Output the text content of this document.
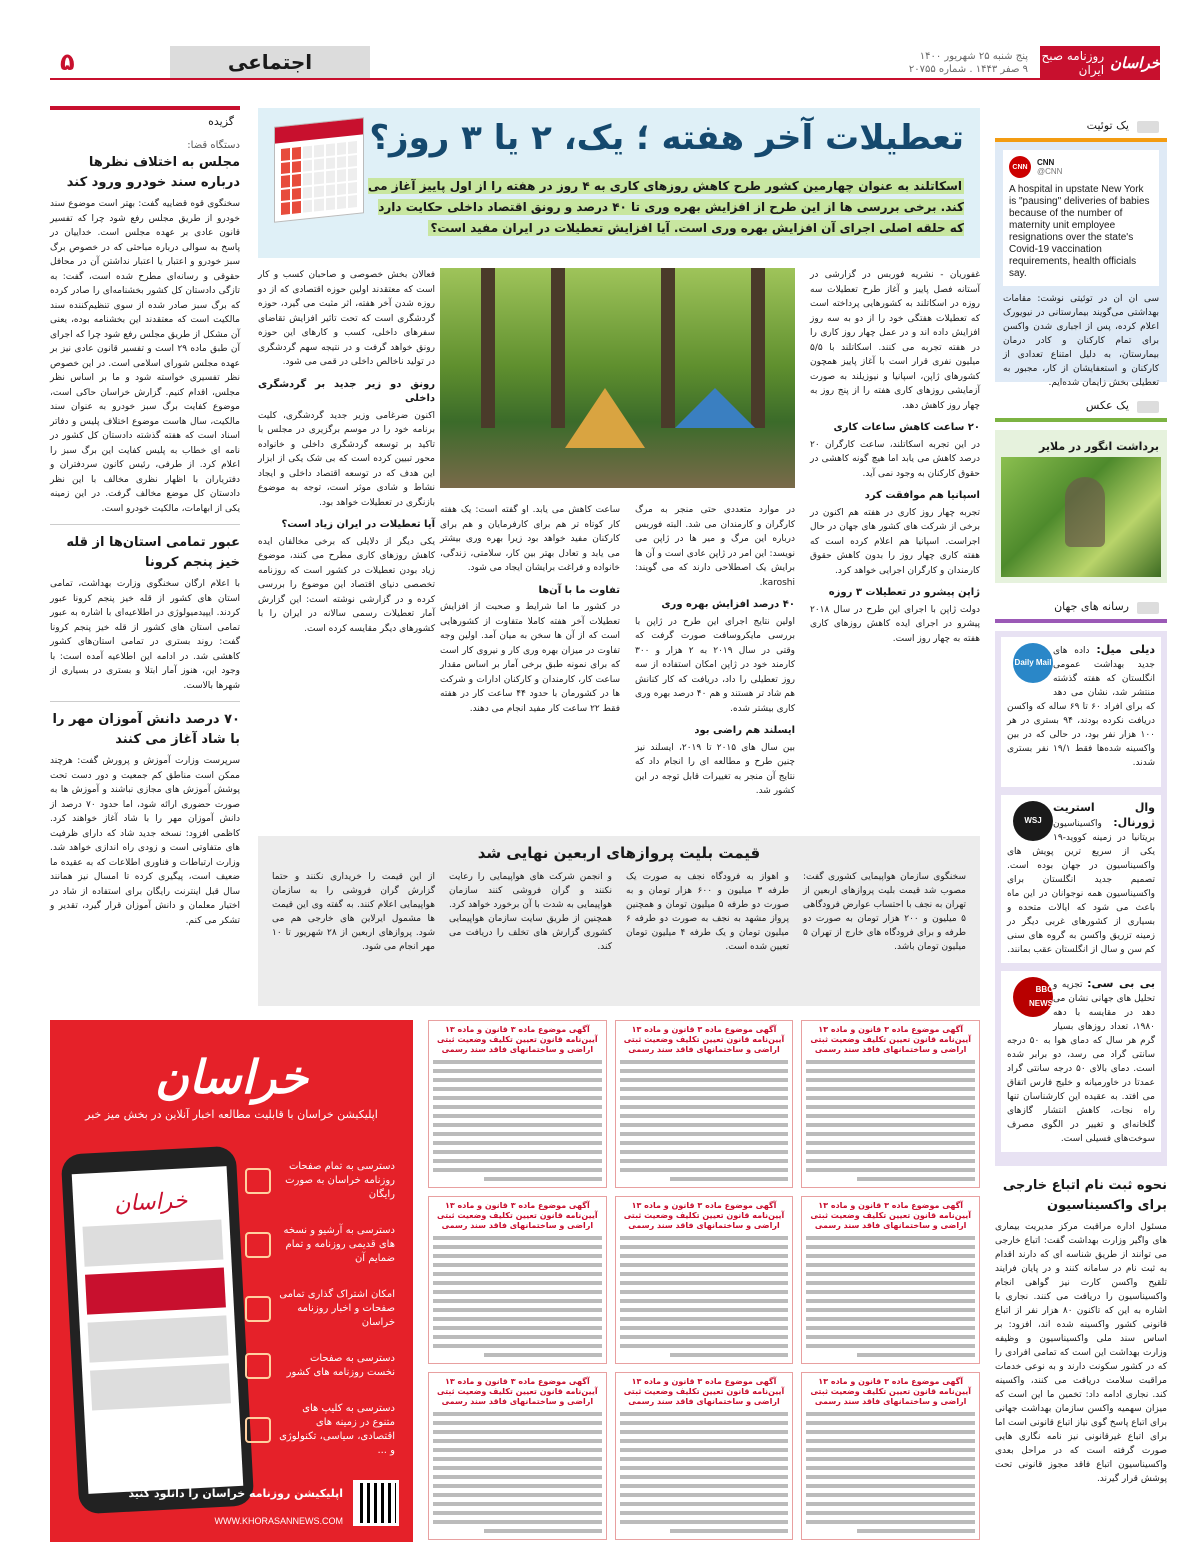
خراسان
روزنامه صبح ایران
پنج شنبه ۲۵ شهریور ۱۴۰۰
۹ صفر ۱۴۴۳ . شماره ۲۰۷۵۵
اجتماعی
۵
یک توئیت
CNN	CNN
@CNN
A hospital in upstate New York is "pausing" deliveries of babies because of the number of maternity unit employee resignations over the state's Covid-19 vaccination requirements, health officials say.
سی ان ان در توئیتی نوشت: مقامات بهداشتی می‌گویند بیمارستانی در نیویورک اعلام کرده، پس از اجباری شدن واکسن برای تمام کارکنان و کادر درمان بیمارستان، به دلیل امتناع تعدادی از کارکنان و استعفایشان از کار، مجبور به تعطیلی بخش زایمان شده‌ایم.
یک عکس
برداشت انگور در ملایر
رسانه های جهان
Daily Mail
دیلی میل: داده های جدید بهداشت عمومی انگلستان که هفته گذشته منتشر شد، نشان می دهد که برای افراد ۶۰ تا ۶۹ ساله که واکسن دریافت نکرده بودند، ۹۴ بستری در هر ۱۰۰ هزار نفر بود، در حالی که در بین واکسینه شده‌ها فقط ۱۹/۱ نفر بستری شدند.
WSJ
وال استریت ژورنال: واکسیناسیون بریتانیا در زمینه کووید-۱۹ یکی از سریع ترین پویش های واکسیناسیون در جهان بوده است. تصمیم جدید انگلستان برای واکسیناسیون همه نوجوانان در این ماه باعث می شود که ایالات متحده و بسیاری از کشورهای غربی دیگر در زمینه تزریق واکسن به گروه های سنی کم سن و سال از انگلستان عقب بمانند.
BBC NEWS
بی بی سی: تجزیه و تحلیل های جهانی نشان می دهد در مقایسه با دهه ۱۹۸۰، تعداد روزهای بسیار گرم هر سال که دمای هوا به ۵۰ درجه سانتی گراد می رسد، دو برابر شده است. دمای بالای ۵۰ درجه سانتی گراد عمدتا در خاورمیانه و خلیج فارس اتفاق می افتد. به عقیده این کارشناسان تنها راه نجات، کاهش انتشار گازهای گلخانه‌ای و تغییر در الگوی مصرف سوخت‌های فسیلی است.
نحوه ثبت نام اتباع خارجی برای واکسیناسیون

مسئول اداره مراقبت مرکز مدیریت بیماری های واگیر وزارت بهداشت گفت: اتباع خارجی می توانند از طریق شناسه ای که دارند اقدام به ثبت نام در سامانه کنند و در پایان فرایند تلقیح واکسن کارت نیز گواهی انجام واکسیناسیون را دریافت می کنند. نجاری با اشاره به این که تاکنون ۸۰ هزار نفر از اتباع قانونی کشور واکسینه شده اند، افزود: بر اساس سند ملی واکسیناسیون و وظیفه وزارت بهداشت این است که تمامی افرادی را که در کشور سکونت دارند و به نوعی خدمات مراقبت سلامت دریافت می کنند، واکسینه کند. نجاری ادامه داد: تخمین ما این است که میزان سهمیه واکسن سازمان بهداشت جهانی برای اتباع پاسخ گوی نیاز اتباع قانونی است اما برای اتباع غیرقانونی نیز نامه نگاری هایی صورت گرفته است که در مراحل بعدی واکسیناسیون اتباع فاقد مجوز قانونی تحت پوشش قرار گیرند.

گزیده
دستگاه قضا:
مجلس به اختلاف نظرها درباره سند خودرو ورود کند

سخنگوی قوه قضاییه گفت: بهتر است موضوع سند خودرو از طریق مجلس رفع شود چرا که تفسیر قانون عادی بر عهده مجلس است. خداییان در پاسخ به سوالی درباره مباحثی که در خصوص برگ سبز خودرو و اعتبار یا اعتبار نداشتن آن در محافل حقوقی و رسانه‌ای مطرح شده است، گفت: به تازگی دادستان کل کشور بخشنامه‌ای را صادر کرده که برگ سبز صادر شده از سوی تنظیم‌کننده سند مالکیت است که معتقدند این بخشنامه بوده، یعنی آن مشکل از طریق مجلس رفع شود چرا که اجرای آن طبق ماده ۲۹ است و تفسیر قانون عادی نیز بر عهده مجلس شورای اسلامی است. در این خصوص نظر تفسیری خواسته شود و ما بر اساس نظر مجلس، اقدام کنیم. گزارش خراسان حاکی است، موضوع کفایت برگ سبز خودرو به عنوان سند مالکیت، سال هاست موضوع اختلاف پلیس و دفاتر اسناد است که هفته گذشته دادستان کل کشور در نامه ای خطاب به پلیس کفایت این برگ سبز را اعلام کرد. از طرفی، رئیس کانون سردفتران و دفتریاران با اظهار نظری مخالف با این نظر دادستان کل موضع مخالف گرفت. در این زمینه یکی از ابهامات، مالکیت خودرو است.

عبور تمامی استان‌ها از قله خیز پنجم کرونا

با اعلام ارگان سخنگوی وزارت بهداشت، تمامی استان های کشور از قله خیز پنجم کرونا عبور کردند. ایپیدمیولوژی در اطلاعیه‌ای با اشاره به عبور تمامی استان های کشور از قله خیز پنجم کرونا گفت: روند بستری در تمامی استان‌های کشور کاهشی شد. در ادامه این اطلاعیه آمده است: با وجود این، هنوز آمار ابتلا و بستری در بسیاری از شهرها بالاست.

۷۰ درصد دانش آموزان مهر را با شاد آغاز می کنند

سرپرست وزارت آموزش و پرورش گفت: هرچند ممکن است مناطق کم جمعیت و دور دست تحت پوشش آموزش های مجازی نباشند و آموزش ها به صورت حضوری ارائه شود، اما حدود ۷۰ درصد از دانش آموزان مهر را با شاد آغاز خواهند کرد. کاظمی افزود: نسخه جدید شاد که دارای ظرفیت های متفاوتی است و زودی راه اندازی خواهد شد. وزارت ارتباطات و فناوری اطلاعات که به عقیده ما ضعیف است، پیگیری کرده تا امسال نیز همانند سال قبل اینترنت رایگان برای استفاده از شاد در اختیار معلمان و دانش آموزان قرار گیرد، تقدیر و تشکر می کنم.

تعطیلات آخر هفته ؛ یک، ۲ یا ۳ روز؟
اسکاتلند به عنوان چهارمین کشور طرح کاهش روزهای کاری به ۴ روز در هفته را از اول پاییز آغاز می کند. برخی بررسی ها از این طرح از افزایش بهره وری تا ۴۰ درصد و رونق اقتصاد داخلی حکایت دارد که حلقه اصلی اجرای آن افزایش بهره وری است. آیا افزایش تعطیلات در ایران مفید است؟

غفوریان - نشریه فوربس در گزارشی در آستانه فصل پاییز و آغاز طرح تعطیلات سه روزه در اسکاتلند به کشورهایی پرداخته است که تعطیلات هفتگی خود را از دو به سه روز افزایش داده اند و در عمل چهار روز کاری را در هفته تجربه می کنند. اسکاتلند با ۵/۵ میلیون نفری قرار است با آغاز پاییز همچون کشورهای ژاپن، اسپانیا و نیوزیلند به صورت آزمایشی روزهای کاری هفته را از پنج روز به چهار روز کاهش دهد.

۲۰ ساعت کاهش ساعات کاری

در این تجربه اسکاتلند، ساعت کارگران ۲۰ درصد کاهش می یابد اما هیچ گونه کاهشی در حقوق کارکنان به وجود نمی آید.

اسپانیا هم موافقت کرد

تجربه چهار روز کاری در هفته هم اکنون در برخی از شرکت های کشور های جهان در حال اجراست. اسپانیا هم اعلام کرده است که هفته کاری چهار روز را بدون کاهش حقوق کارمندان و کارگران اجرایی خواهد کرد.

ژاپن پیشرو در تعطیلات ۳ روزه

دولت ژاپن با اجرای این طرح در سال ۲۰۱۸ پیشرو در اجرای ایده کاهش روزهای کاری هفته به چهار روز است.

در موارد متعددی حتی منجر به مرگ کارگران و کارمندان می شد. البته فوربس درباره این مرگ و میر ها در ژاپن می نویسد: این امر در ژاپن عادی است و آن ها برایش یک اصطلاحی دارند که می گویند: karoshi.

۴۰ درصد افزایش بهره وری

اولین نتایج اجرای این طرح در ژاپن با بررسی مایکروسافت صورت گرفت که وقتی در سال ۲۰۱۹ به ۲ هزار و ۳۰۰ کارمند خود در ژاپن امکان استفاده از سه روز تعطیلی را داد، دریافت که کار کنانش هم شاد تر هستند و هم ۴۰ درصد بهره وری کاری بیشتر شده.

ایسلند هم راضی بود

بین سال های ۲۰۱۵ تا ۲۰۱۹، ایسلند نیز چنین طرح و مطالعه ای را انجام داد که نتایج آن منجر به تغییرات قابل توجه در این کشور شد.

ساعت کاهش می یابد. او گفته است: یک هفته کار کوتاه تر هم برای کارفرمایان و هم برای کارکنان مفید خواهد بود زیرا بهره وری بیشتر می یابد و تعادل بهتر بین کار، سلامتی، زندگی، خانواده و فراغت برایشان ایجاد می شود.

تفاوت ما با آن‌ها

در کشور ما اما شرایط و صحبت از افزایش تعطیلات آخر هفته کاملا متفاوت از کشورهایی است که از آن ها سخن به میان آمد. اولین وجه تفاوت در میزان بهره وری کار و نیروی کار است که برای نمونه طبق برخی آمار بر اساس مقدار ساعت کار، کارمندان و کارکنان ادارات و شرکت ها در کشورمان با حدود ۴۴ ساعت کار در هفته فقط ۲۲ ساعت کار مفید انجام می دهند.

فعالان بخش خصوصی و صاحبان کسب و کار است که معتقدند اولین حوزه اقتصادی که از دو روزه شدن آخر هفته، اثر مثبت می گیرد، حوزه گردشگری است که تحت تاثیر افزایش تقاضای سفرهای داخلی، کسب و کارهای این حوزه رونق خواهد گرفت و در نتیجه سهم گردشگری در تولید ناخالص داخلی در قمی می شود.

رونق دو زیر جدید بر گردشگری داخلی

اکنون ضرغامی وزیر جدید گردشگری، کلیت برنامه خود را در موسم برگزیری در مجلس با تاکید بر توسعه گردشگری داخلی و خانواده محور تبیین کرده است که بی شک یکی از ابزار این هدف که در توسعه اقتصاد داخلی و ایجاد نشاط و شادی موثر است، توجه به موضوع بازنگری در تعطیلات خواهد بود.

آیا تعطیلات در ایران زیاد است؟

یکی دیگر از دلایلی که برخی مخالفان ایده کاهش روزهای کاری مطرح می کنند، موضوع زیاد بودن تعطیلات در کشور است که روزنامه تخصصی دنیای اقتصاد این موضوع را بررسی کرده و در گزارشی نوشته است: این گزارش آمار تعطیلات رسمی سالانه در ایران را با کشورهای دیگر مقایسه کرده است.

قیمت بلیت پروازهای اربعین نهایی شد

سخنگوی سازمان هواپیمایی کشوری گفت: مصوب شد قیمت بلیت پروازهای اربعین از تهران به نجف با احتساب عوارض فرودگاهی ۵ میلیون و ۲۰۰ هزار تومان به صورت دو طرفه و برای فرودگاه های خارج از تهران ۵ میلیون تومان باشد.

و اهواز به فرودگاه نجف به صورت یک طرفه ۳ میلیون و ۶۰۰ هزار تومان و به صورت دو طرفه ۵ میلیون تومان و همچنین پرواز مشهد به نجف به صورت دو طرفه ۶ میلیون تومان و یک طرفه ۴ میلیون تومان تعیین شده است.

و انجمن شرکت های هواپیمایی را رعایت نکنند و گران فروشی کنند سازمان هواپیمایی به شدت با آن برخورد خواهد کرد. همچنین از طریق سایت سازمان هواپیمایی کشوری گزارش های تخلف را دریافت می کند.

از این قیمت را خریداری نکنند و حتما گزارش گران فروشی را به سازمان هواپیمایی اعلام کنند. به گفته وی این قیمت ها مشمول ایرلاین های خارجی هم می شود. پروازهای اربعین از ۲۸ شهریور تا ۱۰ مهر انجام می شود.

خراسان
اپلیکیشن خراسان با قابلیت مطالعه اخبار آنلاین در بخش میز خبر
خراسان
دسترسی به تمام صفحات روزنامه خراسان به صورت رایگان
دسترسی به آرشیو و نسخه های قدیمی روزنامه و تمام ضمایم آن
امکان اشتراک گذاری تمامی صفحات و اخبار روزنامه خراسان
دسترسی به صفحات نخست روزنامه های کشور
دسترسی به کلیپ های متنوع در زمینه های اقتصادی، سیاسی، تکنولوژی و ...
اپلیکیشن روزنامه خراسان را دانلود کنید
WWW.KHORASANNEWS.COM
آگهی موضوع ماده ۳ قانون و ماده ۱۳ آیین‌نامه قانون تعیین تکلیف وضعیت ثبتی اراضی و ساختمانهای فاقد سند رسمی
آگهی موضوع ماده ۳ قانون و ماده ۱۳ آیین‌نامه قانون تعیین تکلیف وضعیت ثبتی اراضی و ساختمانهای فاقد سند رسمی
آگهی موضوع ماده ۳ قانون و ماده ۱۳ آیین‌نامه قانون تعیین تکلیف وضعیت ثبتی اراضی و ساختمانهای فاقد سند رسمی
آگهی موضوع ماده ۳ قانون و ماده ۱۳ آیین‌نامه قانون تعیین تکلیف وضعیت ثبتی اراضی و ساختمانهای فاقد سند رسمی
آگهی موضوع ماده ۳ قانون و ماده ۱۳ آیین‌نامه قانون تعیین تکلیف وضعیت ثبتی اراضی و ساختمانهای فاقد سند رسمی
آگهی موضوع ماده ۳ قانون و ماده ۱۳ آیین‌نامه قانون تعیین تکلیف وضعیت ثبتی اراضی و ساختمانهای فاقد سند رسمی
آگهی موضوع ماده ۳ قانون و ماده ۱۳ آیین‌نامه قانون تعیین تکلیف وضعیت ثبتی اراضی و ساختمانهای فاقد سند رسمی
آگهی موضوع ماده ۳ قانون و ماده ۱۳ آیین‌نامه قانون تعیین تکلیف وضعیت ثبتی اراضی و ساختمانهای فاقد سند رسمی
آگهی موضوع ماده ۳ قانون و ماده ۱۳ آیین‌نامه قانون تعیین تکلیف وضعیت ثبتی اراضی و ساختمانهای فاقد سند رسمی
